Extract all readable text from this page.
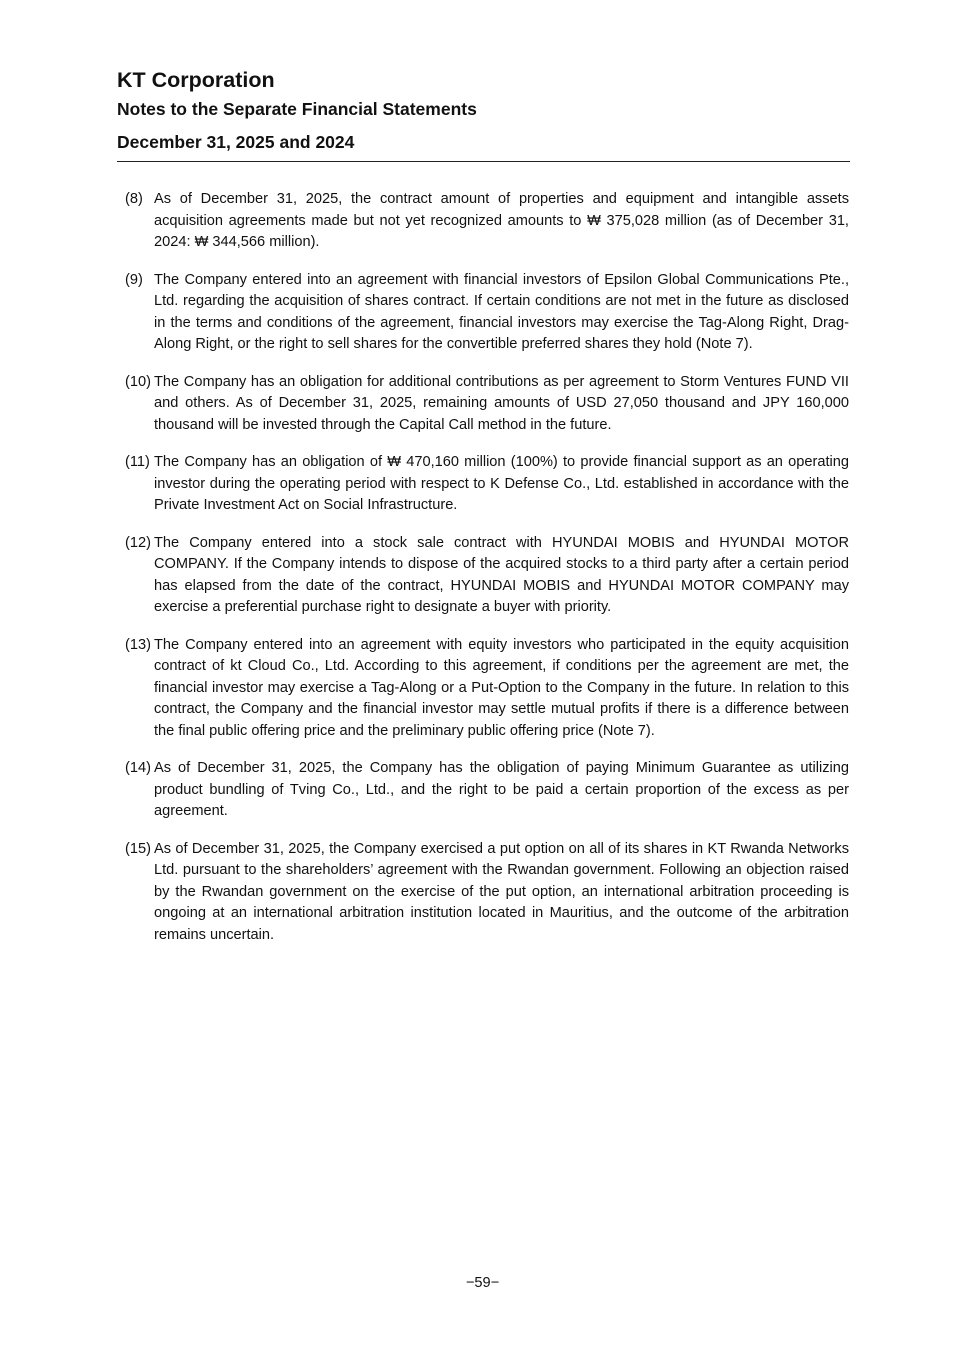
KT Corporation
Notes to the Separate Financial Statements
December 31, 2025 and 2024
(8) As of December 31, 2025, the contract amount of properties and equipment and intangible assets acquisition agreements made but not yet recognized amounts to ₩ 375,028 million (as of December 31, 2024: ₩ 344,566 million).
(9) The Company entered into an agreement with financial investors of Epsilon Global Communications Pte., Ltd. regarding the acquisition of shares contract. If certain conditions are not met in the future as disclosed in the terms and conditions of the agreement, financial investors may exercise the Tag-Along Right, Drag-Along Right, or the right to sell shares for the convertible preferred shares they hold (Note 7).
(10) The Company has an obligation for additional contributions as per agreement to Storm Ventures FUND VII and others. As of December 31, 2025, remaining amounts of USD 27,050 thousand and JPY 160,000 thousand will be invested through the Capital Call method in the future.
(11) The Company has an obligation of ₩ 470,160 million (100%) to provide financial support as an operating investor during the operating period with respect to K Defense Co., Ltd. established in accordance with the Private Investment Act on Social Infrastructure.
(12) The Company entered into a stock sale contract with HYUNDAI MOBIS and HYUNDAI MOTOR COMPANY. If the Company intends to dispose of the acquired stocks to a third party after a certain period has elapsed from the date of the contract, HYUNDAI MOBIS and HYUNDAI MOTOR COMPANY may exercise a preferential purchase right to designate a buyer with priority.
(13) The Company entered into an agreement with equity investors who participated in the equity acquisition contract of kt Cloud Co., Ltd. According to this agreement, if conditions per the agreement are met, the financial investor may exercise a Tag-Along or a Put-Option to the Company in the future. In relation to this contract, the Company and the financial investor may settle mutual profits if there is a difference between the final public offering price and the preliminary public offering price (Note 7).
(14) As of December 31, 2025, the Company has the obligation of paying Minimum Guarantee as utilizing product bundling of Tving Co., Ltd., and the right to be paid a certain proportion of the excess as per agreement.
(15) As of December 31, 2025, the Company exercised a put option on all of its shares in KT Rwanda Networks Ltd. pursuant to the shareholders’ agreement with the Rwandan government. Following an objection raised by the Rwandan government on the exercise of the put option, an international arbitration proceeding is ongoing at an international arbitration institution located in Mauritius, and the outcome of the arbitration remains uncertain.
−59−
